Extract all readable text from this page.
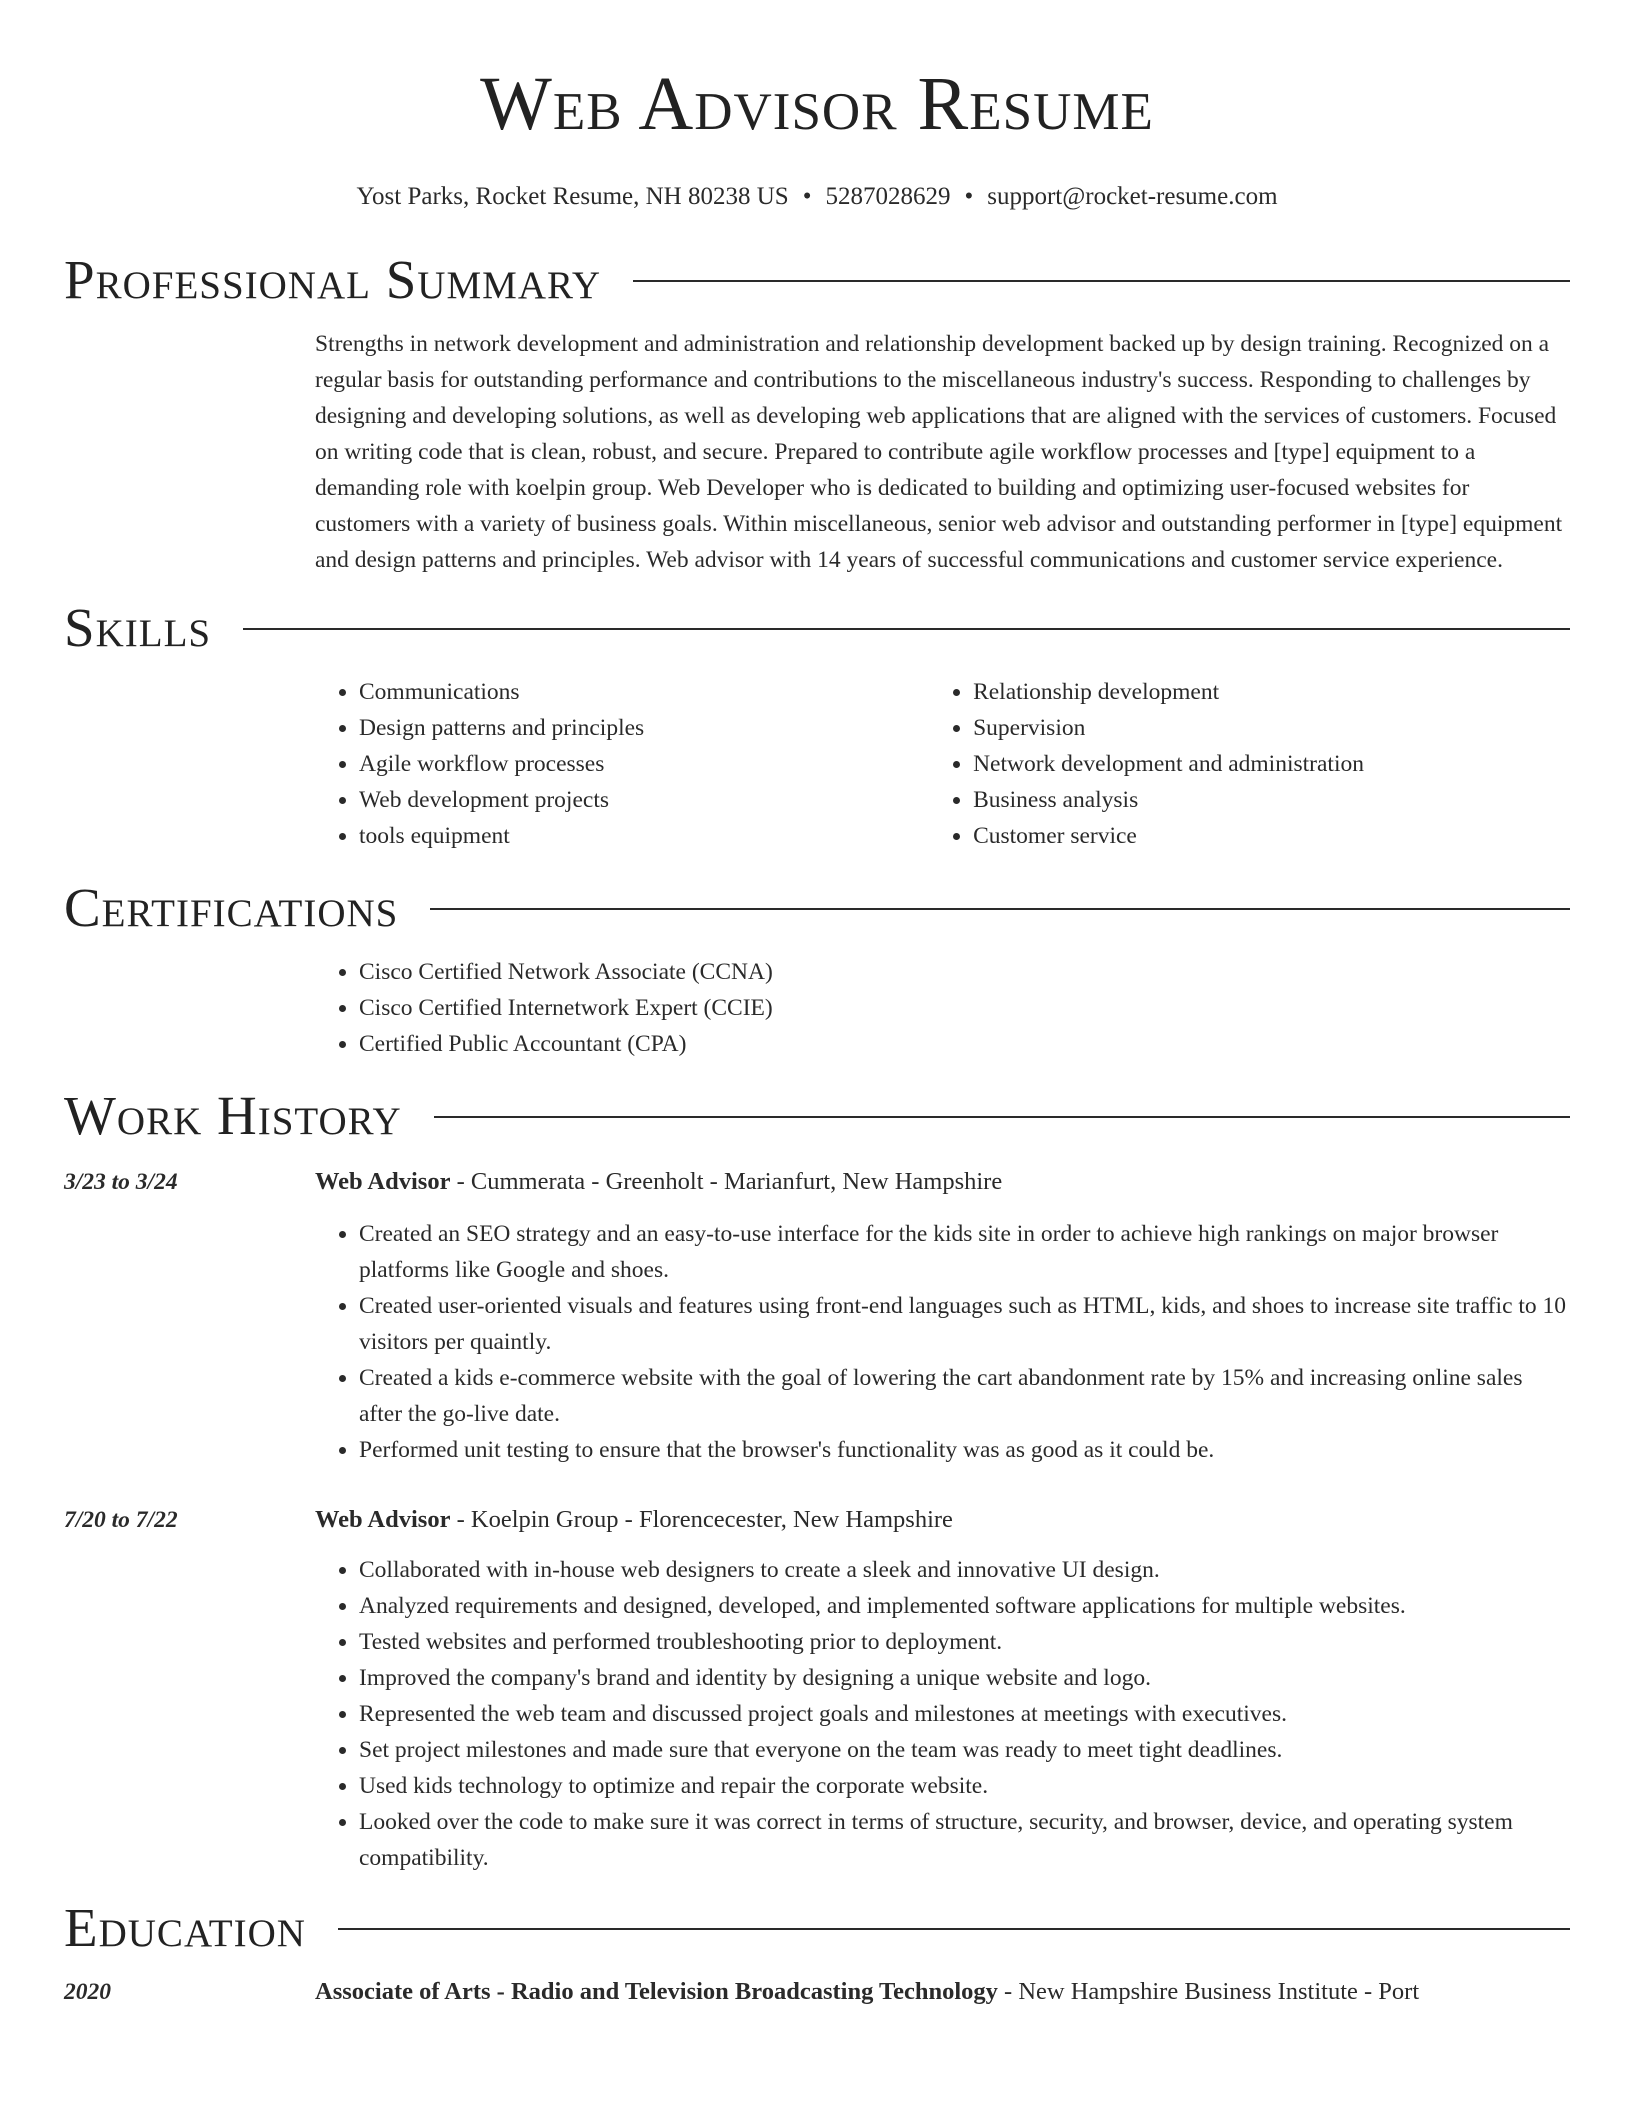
Web Advisor Resume
Yost Parks, Rocket Resume, NH 80238 US • 5287028629 • support@rocket-resume.com
Professional Summary

Strengths in network development and administration and relationship development backed up by design training. Recognized on a regular basis for outstanding performance and contributions to the miscellaneous industry's success. Responding to challenges by designing and developing solutions, as well as developing web applications that are aligned with the services of customers. Focused on writing code that is clean, robust, and secure. Prepared to contribute agile workflow processes and [type] equipment to a demanding role with koelpin group. Web Developer who is dedicated to building and optimizing user-focused websites for customers with a variety of business goals. Within miscellaneous, senior web advisor and outstanding performer in [type] equipment and design patterns and principles. Web advisor with 14 years of successful communications and customer service experience.

Skills
• Communications
• Design patterns and principles
• Agile workflow processes
• Web development projects
• tools equipment
• Relationship development
• Supervision
• Network development and administration
• Business analysis
• Customer service
Certifications
• Cisco Certified Network Associate (CCNA)
• Cisco Certified Internetwork Expert (CCIE)
• Certified Public Accountant (CPA)
Work History
3/23 to 3/24	Web Advisor - Cummerata - Greenholt - Marianfurt, New Hampshire
• Created an SEO strategy and an easy-to-use interface for the kids site in order to achieve high rankings on major browser platforms like Google and shoes.
• Created user-oriented visuals and features using front-end languages such as HTML, kids, and shoes to increase site traffic to 10 visitors per quaintly.
• Created a kids e-commerce website with the goal of lowering the cart abandonment rate by 15% and increasing online sales after the go-live date.
• Performed unit testing to ensure that the browser's functionality was as good as it could be.
7/20 to 7/22	Web Advisor - Koelpin Group - Florencecester, New Hampshire
• Collaborated with in-house web designers to create a sleek and innovative UI design.
• Analyzed requirements and designed, developed, and implemented software applications for multiple websites.
• Tested websites and performed troubleshooting prior to deployment.
• Improved the company's brand and identity by designing a unique website and logo.
• Represented the web team and discussed project goals and milestones at meetings with executives.
• Set project milestones and made sure that everyone on the team was ready to meet tight deadlines.
• Used kids technology to optimize and repair the corporate website.
• Looked over the code to make sure it was correct in terms of structure, security, and browser, device, and operating system compatibility.
Education
2020	Associate of Arts - Radio and Television Broadcasting Technology - New Hampshire Business Institute - Port
